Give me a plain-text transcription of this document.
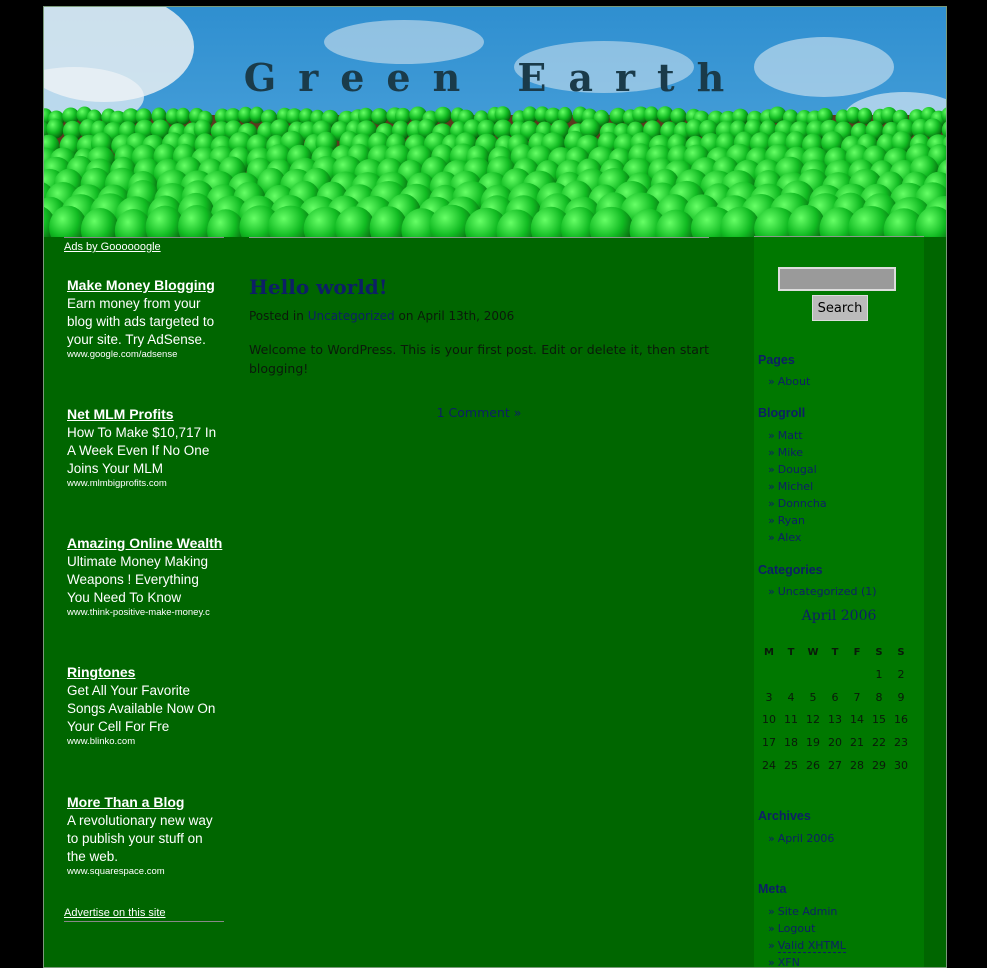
Green Earth
Ads by Goooooogle
Make Money Blogging
Earn money from your blog with ads targeted to your site. Try AdSense.
www.google.com/adsense
Net MLM Profits
How To Make $10,717 In A Week Even If No One Joins Your MLM
www.mlmbigprofits.com
Amazing Online Wealth
Ultimate Money Making Weapons ! Everything You Need To Know
www.think-positive-make-money.c
Ringtones
Get All Your Favorite Songs Available Now On Your Cell For Fre
www.blinko.com
More Than a Blog
A revolutionary new way to publish your stuff on the web.
www.squarespace.com
Advertise on this site
Hello world!
Posted in Uncategorized on April 13th, 2006

Welcome to WordPress. This is your first post. Edit or delete it, then start blogging!

1 Comment »
Search
Pages
» About
Blogroll
» Matt
» Mike
» Dougal
» Michel
» Donncha
» Ryan
» Alex
Categories
» Uncategorized (1)
April 2006
M	T	W	T	F	S	S
					1	2
3	4	5	6	7	8	9
10	11	12	13	14	15	16
17	18	19	20	21	22	23
24	25	26	27	28	29	30
Archives
» April 2006
Meta
» Site Admin
» Logout
» Valid XHTML
» XFN
